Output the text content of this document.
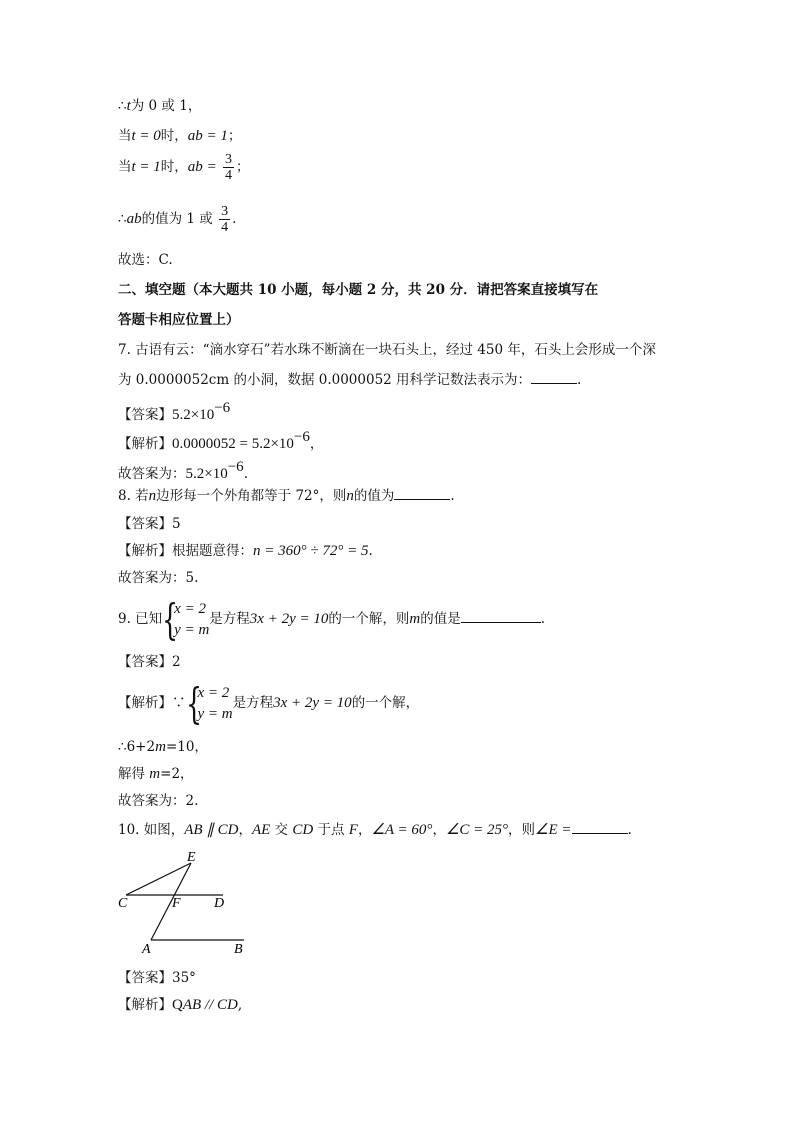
∴t为 0 或 1，
当t = 0时，ab = 1；
当t = 1时，ab = $\frac{3}{4}$ ；
∴ab的值为 1 或 $\frac{3}{4}$ .
故选：C.
二、填空题（本大题共 10 小题，每小题 2 分，共 20 分．请把答案直接填写在
答题卡相应位置上）
7. 古语有云：“滴水穿石”若水珠不断滴在一块石头上，经过 450 年，石头上会形成一个深
为 0.0000052cm 的小洞，数据 0.0000052 用科学记数法表示为：	.
【答案】$5.2\times 10^{-6}$
【解析】$0.0000052 = 5.2\times 10^{-6}$，
故答案为：$5.2\times 10^{-6}$.
8. 若n边形每一个外角都等于 72°，则n的值为	.
【答案】5
【解析】根据题意得：n = 360° ÷ 72° = 5.
故答案为：5.
9. 已知 {
x = 2
y = m
是方程3x + 2y = 10的一个解，则m的值是	.
【答案】2
【解析】∵ {
x = 2
y = m
是方程3x + 2y = 10的一个解，
∴6+2m=10，
解得 m=2，
故答案为：2.
10. 如图，AB ∥ CD，AE 交 CD 于点 F，∠A = 60°，∠C = 25°，则∠E =	.
E
C	F D
A	B
【答案】35°
【解析】QAB // CD,
